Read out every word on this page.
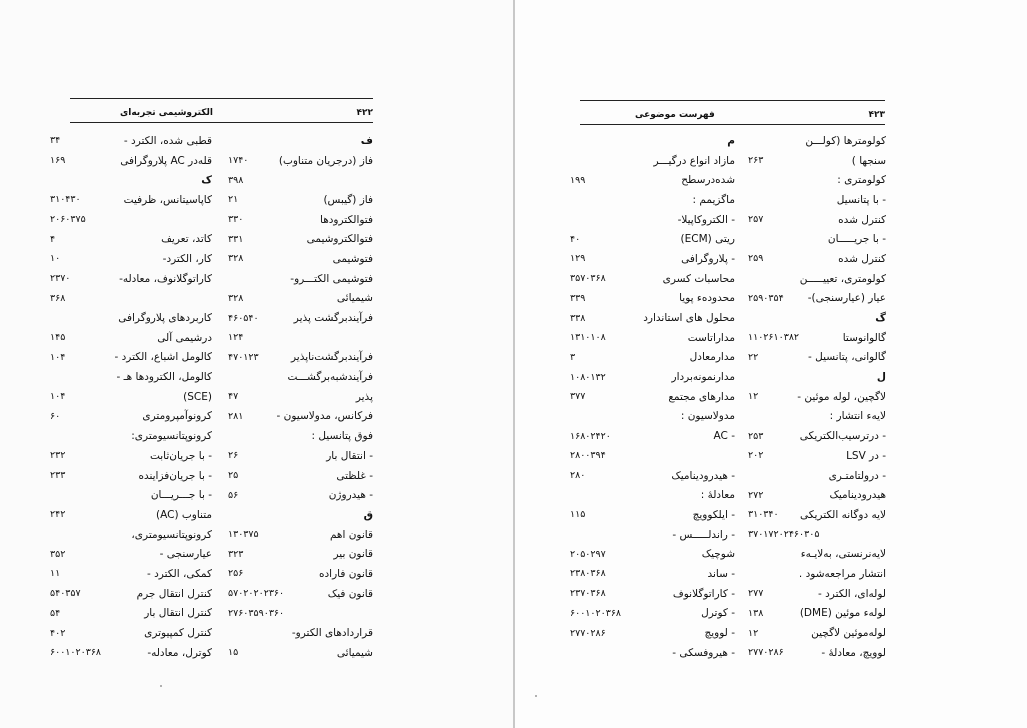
۴۲۲
الکتروشیمی تجربه‌ای
ف
فاز (درجریان متناوب)
۱۷۴۰
۳۹۸
فاز (گیبس)
۲۱
فتوالکترودها
۳۳۰
فتوالکتروشیمی
۳۳۱
فتوشیمی
۳۲۸
فتوشیمی الکتـــرو-
شیمیائی
۳۲۸
فرآیندبرگشت پذیر
۴۶۰۵۴۰
۱۲۴
فرآیندبرگشت‌ناپذیر
۴۷۰۱۲۳
فرآیندشبه‌برگشـــت
پذیر
۴۷
فرکانس، مدولاسیون -
۲۸۱
فوق پتانسیل :
- انتقال بار
۲۶
- غلظتی
۲۵
- هیدروژن
۵۶
ق
قانون اهم
۱۳۰۳۷۵
قانون بیر
۳۲۳
قانون فاراده
۲۵۶
قانون فیک
۵۷۰۲۰۲۰۲۳۶۰
۲۷۶۰۳۵۹۰۳۶۰
قراردادهای الکترو-
شیمیائی
۱۵
قطبی شده، الکترد -
۳۴
قله‌در AC پلاروگرافی
۱۶۹
ک
کاپاسیتانس، ظرفیت
۳۱۰۴۳۰
۲۰۶۰۳۷۵
کاتد، تعریف
۴
کار، الکترد-
۱۰
کاراتوگلانوف، معادله-
۲۳۷۰
۳۶۸
کاربردهای پلاروگرافی
درشیمی آلی
۱۴۵
کالومل اشباع، الکترد -
۱۰۴
کالومل، الکترودها هـ -
(SCE)
۱۰۴
کرونوآمپرومتری
۶۰
کرونوپتانسیومتری:
- با جریان‌ثابت
۲۳۲
- با جریان‌فزاینده
۲۳۳
- با جـــریـــان
متناوب (AC)
۲۴۲
کرونوپتانسیومتری،
عیار‌سنجی -
۳۵۲
کمکی، الکترد -
۱۱
کنترل انتقال جرم
۵۴۰۳۵۷
کنترل انتقال بار
۵۴
کنترل کمپیوتری
۴۰۲
کوترل، معادله-
۶۰۰۱۰۲۰۳۶۸
۴۲۳
فهرست موضوعی
کولومترها (کولـــن
سنجها )
۲۶۳
کولومتری :
- با پتانسیل
کنترل شده
۲۵۷
- با جریـــــان
کنترل شده
۲۵۹
کولومتری، تعییـــــن
عیار (عیارسنجی)-
۲۵۹۰۳۵۴
گ
گالوانوستا
۱۱۰۲۶۱۰۳۸۲
گالوانی، پتانسیل -
۲۲
ل
لاگچین، لوله موئین -
۱۲
لایه‌ء انتشار :
- درترسیب‌الکتریکی
۲۵۳
- در LSV
۲۰۲
- درولتامتـری
هیدرودینامیک
۲۷۲
لایه دوگانه الکتریکی
۳۱۰۳۴۰
۳۷۰۱۷۲۰۲۴۶۰۳۰۵
لایه‌نرنستی، به‌لایـه‌ء
انتشار مراجعه‌شود .
لوله‌ای، الکترد -
۲۷۷
لوله‌ء موئین (DME)
۱۳۸
لوله‌موئین لاگچین
۱۲
لوویچ، معادلهٔ -
۲۷۷۰۲۸۶
م
مازاد انواع درگیـــر
شده‌درسطح
۱۹۹
ماگزیمم :
- الکتروکاپیلا-
ریتی (ECM)
۴۰
- پلاروگرافی
۱۲۹
محاسبات کسری
۳۵۷۰۳۶۸
محدوده‌ء پویا
۳۳۹
محلول های استاندارد
۳۳۸
مداراتاست
۱۳۱۰۱۰۸
مدارمعادل
۳
مدارنمونه‌بردار
۱۰۸۰۱۳۲
مدارهای مجتمع
۳۷۷
مدولاسیون :
- AC
۱۶۸۰۲۴۲۰
۲۸۰۰۳۹۴
- هیدرودینامیک
۲۸۰
معادلهٔ :
- ایلکوویچ
۱۱۵
- راندلـــــس -
شوچیک
۲۰۵۰۲۹۷
- ساند
۲۳۸۰۳۶۸
- کاراتوگلانوف
۲۳۷۰۳۶۸
- کوترل
۶۰۰۱۰۲۰۳۶۸
- لوویچ
۲۷۷۰۲۸۶
- هیروفسکی -
